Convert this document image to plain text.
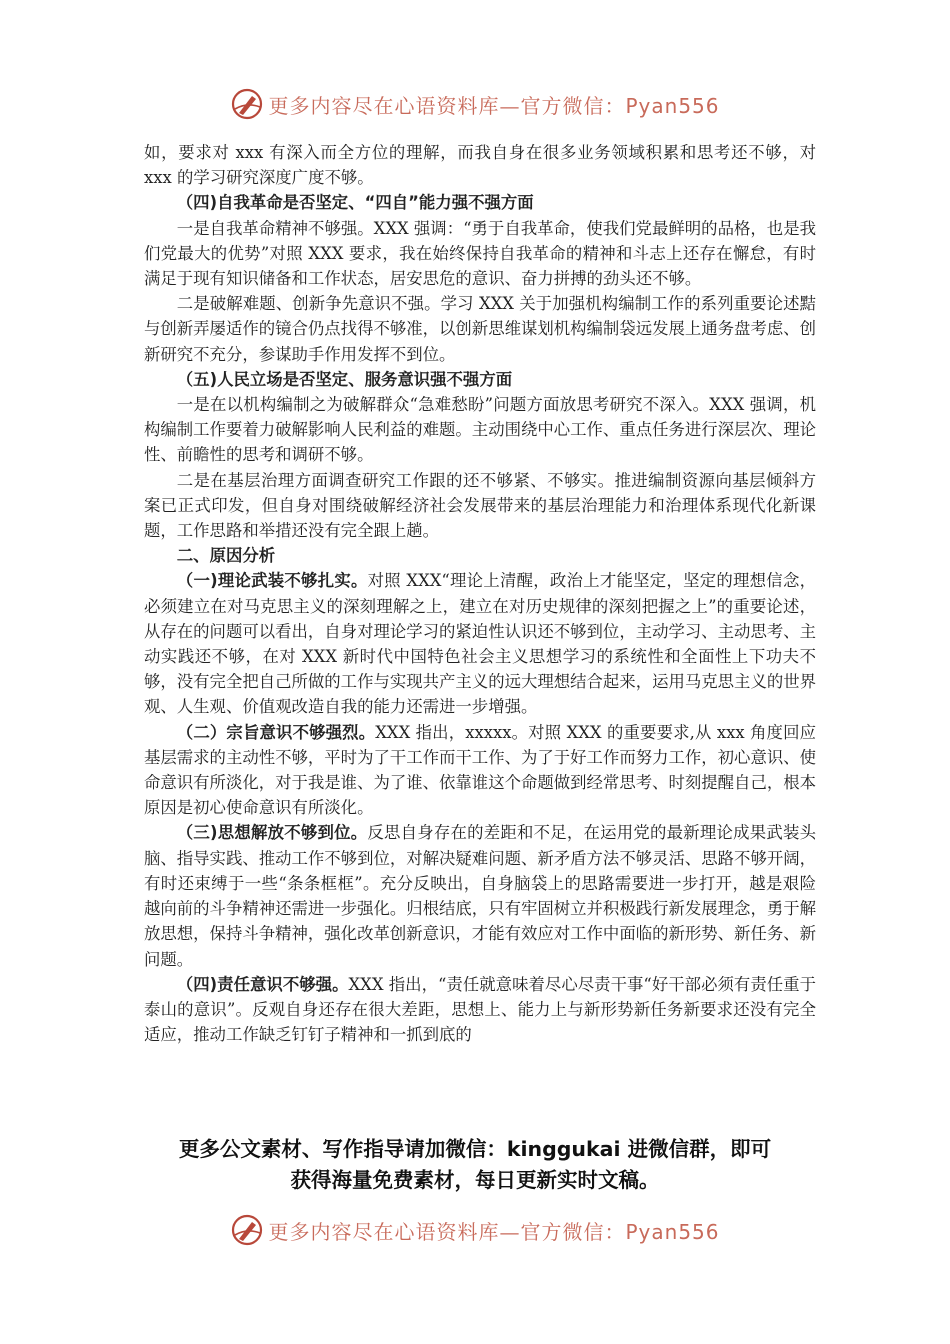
更多内容尽在心语资料库—官方微信：Pyan556

如，要求对 xxx 有深入而全方位的理解，而我自身在很多业务领域积累和思考还不够，对 xxx 的学习研究深度广度不够。

（四)自我革命是否坚定、“四自”能力强不强方面

一是自我革命精神不够强。XXX 强调：“勇于自我革命，使我们党最鲜明的品格，也是我们党最大的优势”对照 XXX 要求，我在始终保持自我革命的精神和斗志上还存在懈怠，有时满足于现有知识储备和工作状态，居安思危的意识、奋力拼搏的劲头还不够。

二是破解难题、创新争先意识不强。学习 XXX 关于加强机构编制工作的系列重要论述黠与创新弄屡适作的镜合仍点找得不够准，以创新思维谋划机构编制袋远发展上通务盘考虑、创新研究不充分，参谋助手作用发挥不到位。

（五)人民立场是否坚定、服务意识强不强方面

一是在以机构编制之为破解群众“急难愁盼”问题方面放思考研究不深入。XXX 强调，机构编制工作要着力破解影响人民利益的难题。主动围绕中心工作、重点任务进行深层次、理论性、前瞻性的思考和调研不够。

二是在基层治理方面调查研究工作跟的还不够紧、不够实。推进编制资源向基层倾斜方案已正式印发，但自身对围绕破解经济社会发展带来的基层治理能力和治理体系现代化新课题，工作思路和举措还没有完全跟上趟。

二、原因分析

（一)理论武装不够扎实。对照 XXX“理论上清醒，政治上才能坚定，坚定的理想信念，必须建立在对马克思主义的深刻理解之上，建立在对历史规律的深刻把握之上”的重要论述，从存在的问题可以看出，自身对理论学习的紧迫性认识还不够到位，主动学习、主动思考、主动实践还不够，在对 XXX 新时代中国特色社会主义思想学习的系统性和全面性上下功夫不够，没有完全把自己所做的工作与实现共产主义的远大理想结合起来，运用马克思主义的世界观、人生观、价值观改造自我的能力还需进一步增强。

（二）宗旨意识不够强烈。XXX 指出，xxxxx。对照 XXX 的重要要求,从 xxx 角度回应基层需求的主动性不够，平时为了干工作而干工作、为了于好工作而努力工作，初心意识、使命意识有所淡化，对于我是谁、为了谁、依靠谁这个命题做到经常思考、时刻提醒自己，根本原因是初心使命意识有所淡化。

（三)思想解放不够到位。反思自身存在的差距和不足，在运用党的最新理论成果武装头脑、指导实践、推动工作不够到位，对解决疑难问题、新矛盾方法不够灵活、思路不够开阔，有时还束缚于一些“条条框框”。充分反映出，自身脑袋上的思路需要进一步打开，越是艰险越向前的斗争精神还需进一步强化。归根结底，只有牢固树立并积极践行新发展理念，勇于解放思想，保持斗争精神，强化改革创新意识，才能有效应对工作中面临的新形势、新任务、新问题。

（四)责任意识不够强。XXX 指出，“责任就意味着尽心尽责干事“好干部必须有责任重于泰山的意识”。反观自身还存在很大差距，思想上、能力上与新形势新任务新要求还没有完全适应，推动工作缺乏钉钉子精神和一抓到底的

更多公文素材、写作指导请加微信：kinggukai 进微信群，即可
获得海量免费素材，每日更新实时文稿。
更多内容尽在心语资料库—官方微信：Pyan556
